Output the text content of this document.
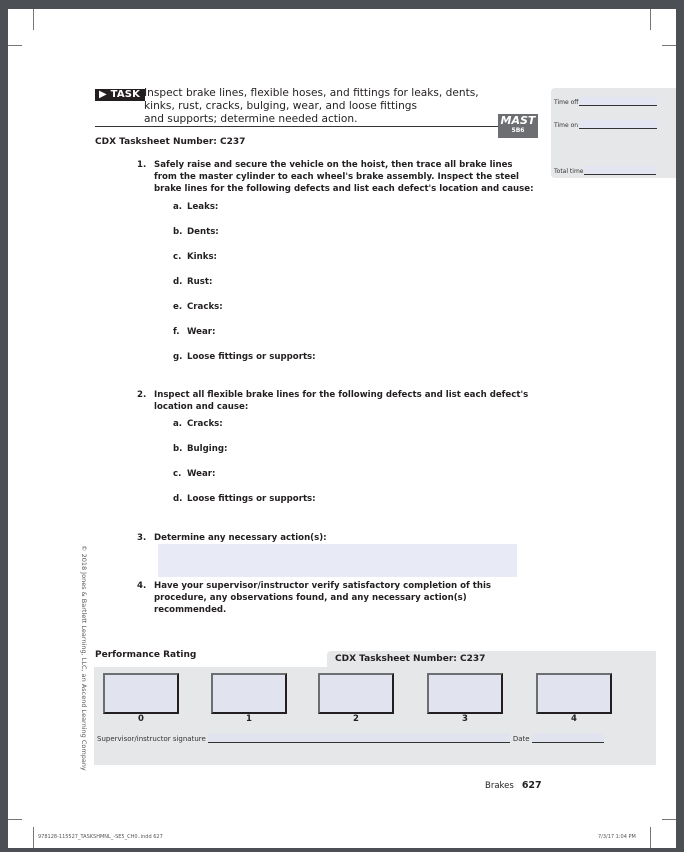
▶ TASK Inspect brake lines, flexible hoses, and fittings for leaks, dents,
kinks, rust, cracks, bulging, wear, and loose fittings
and supports; determine needed action.	MAST
5B6
CDX Tasksheet Number: C237
Time off
Time on
Total time
1. Safely raise and secure the vehicle on the hoist, then trace all brake lines from the master cylinder to each wheel's brake assembly. Inspect the steel brake lines for the following defects and list each defect's location and cause:
a. Leaks:
b. Dents:
c. Kinks:
d. Rust:
e. Cracks:
f. Wear:
g. Loose fittings or supports:
2. Inspect all flexible brake lines for the following defects and list each defect's location and cause:
a. Cracks:
b. Bulging:
c. Wear:
d. Loose fittings or supports:
3. Determine any necessary action(s):
4. Have your supervisor/instructor verify satisfactory completion of this procedure, any observations found, and any necessary action(s) recommended.
© 2018 Jones & Bartlett Learning, LLC, an Ascend Learning Company	CDX Tasksheet Number: C237
Performance Rating
0	1	2	3	4
Supervisor/instructor signature	Date
Brakes 627
978128-115527_TASKSHMNL_-SE5_CH0..indd 627	7/3/17 1:04 PM
